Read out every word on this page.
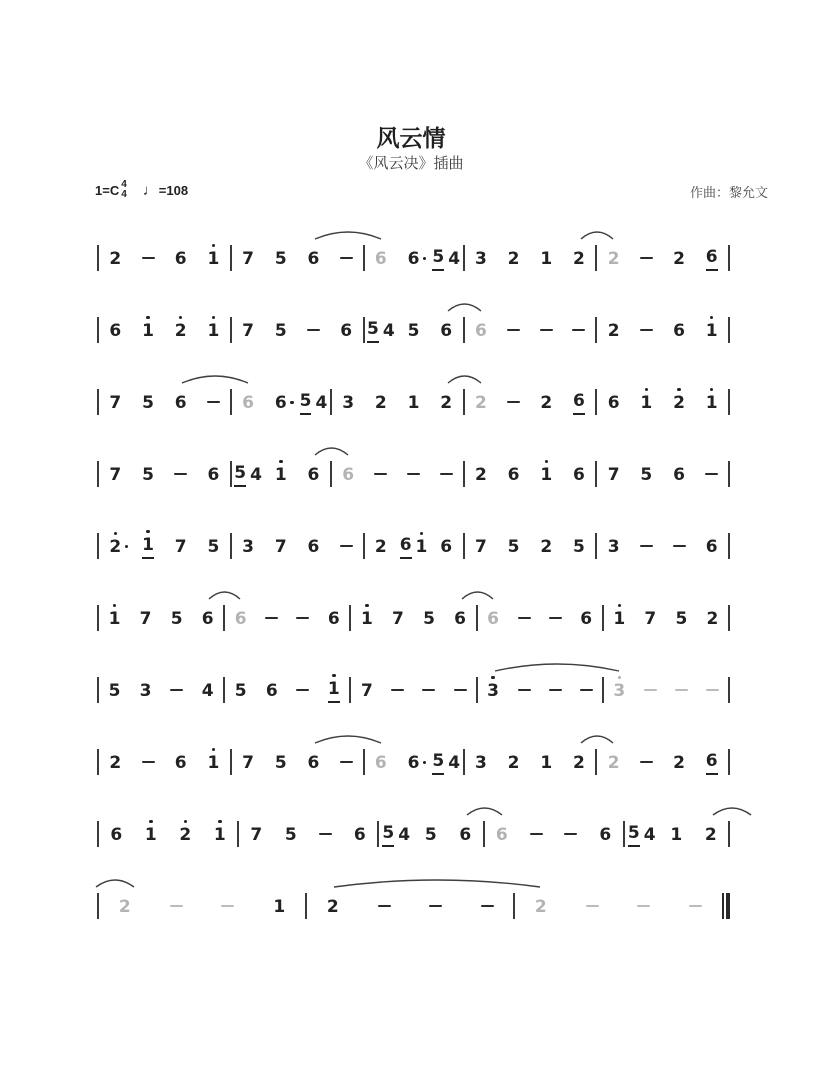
风云情
《风云决》插曲
1=C 4
4 ♩=108	作曲：黎允文
2	6 1 7 5 6	6 6 5 4 3 2 1 2 2	2 6
6 1 2 1 7 5	6 5 4 5 6 6	2	6 1
7 5 6	6 6 5 4 3 2 1 2 2	2 6 6 1 2 1
7 5	6 5 4 1 6 6	2 6 1 6 7 5 6
2 1 7 5 3 7 6	2 6 1 6 7 5 2 5 3	6
1 7 5 6 6	6 1 7 5 6 6	6 1 7 5 2
5 3	4 5 6	1 7	3	3
2	6 1 7 5 6	6 6 5 4 3 2 1 2 2	2 6
6 1 2 1 7 5	6 5 4 5 6 6	6 5 4 1 2
2	1 2	2
